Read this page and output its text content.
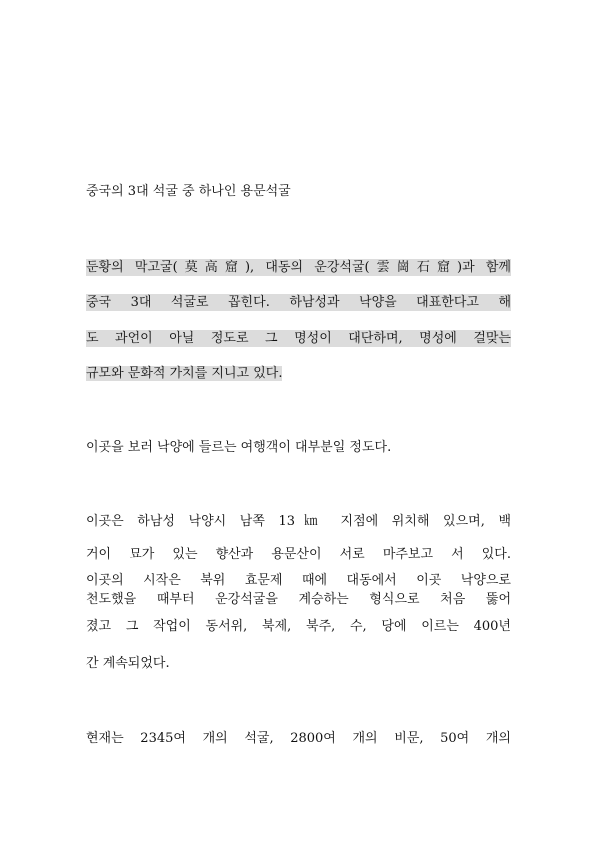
중국의 3대 석굴 중 하나인 용문석굴
둔황의 막고굴(莫高窟), 대동의 운강석굴(雲崗石窟)과 함께
중국 3대 석굴로 꼽힌다. 하남성과 낙양을 대표한다고 해
도 과언이 아닐 정도로 그 명성이 대단하며, 명성에 걸맞는
규모와 문화적 가치를 지니고 있다.
이곳을 보러 낙양에 들르는 여행객이 대부분일 정도다.
이곳은 하남성 낙양시 남쪽 13㎞ 지점에 위치해 있으며, 백
거이 묘가 있는 향산과 용문산이 서로 마주보고 서 있다.
이곳의 시작은 북위 효문제 때에 대동에서 이곳 낙양으로
천도했을 때부터 운강석굴을 계승하는 형식으로 처음 뚫어
졌고 그 작업이 동서위, 북제, 북주, 수, 당에 이르는 400년
간 계속되었다.
현재는 2345여 개의 석굴, 2800여 개의 비문, 50여 개의
